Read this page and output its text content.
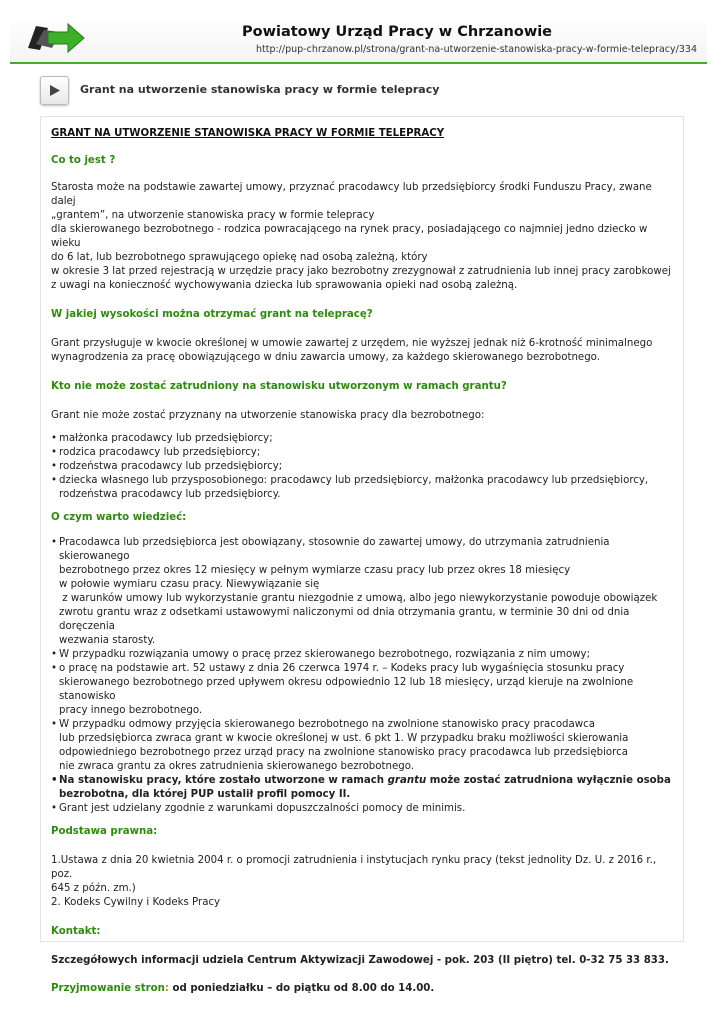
Powiatowy Urząd Pracy w Chrzanowie
http://pup-chrzanow.pl/strona/grant-na-utworzenie-stanowiska-pracy-w-formie-telepracy/334
Grant na utworzenie stanowiska pracy w formie telepracy

GRANT NA UTWORZENIE STANOWISKA PRACY W FORMIE TELEPRACY

Co to jest ?

Starosta może na podstawie zawartej umowy, przyznać pracodawcy lub przedsiębiorcy środki Funduszu Pracy, zwane dalej

„grantem”, na utworzenie stanowiska pracy w formie telepracy

dla skierowanego bezrobotnego - rodzica powracającego na rynek pracy, posiadającego co najmniej jedno dziecko w wieku

do 6 lat, lub bezrobotnego sprawującego opiekę nad osobą zależną, który

w okresie 3 lat przed rejestracją w urzędzie pracy jako bezrobotny zrezygnował z zatrudnienia lub innej pracy zarobkowej

z uwagi na konieczność wychowywania dziecka lub sprawowania opieki nad osobą zależną.

W jakiej wysokości można otrzymać grant na telepracę?

Grant przysługuje w kwocie określonej w umowie zawartej z urzędem, nie wyższej jednak niż 6-krotność minimalnego

wynagrodzenia za pracę obowiązującego w dniu zawarcia umowy, za każdego skierowanego bezrobotnego.

Kto nie może zostać zatrudniony na stanowisku utworzonym w ramach grantu?

Grant nie może zostać przyznany na utworzenie stanowiska pracy dla bezrobotnego:

• małżonka pracodawcy lub przedsiębiorcy;
• rodzica pracodawcy lub przedsiębiorcy;
• rodzeństwa pracodawcy lub przedsiębiorcy;
• dziecka własnego lub przysposobionego: pracodawcy lub przedsiębiorcy, małżonka pracodawcy lub przedsiębiorcy,
rodzeństwa pracodawcy lub przedsiębiorcy.

O czym warto wiedzieć:

• Pracodawca lub przedsiębiorca jest obowiązany, stosownie do zawartej umowy, do utrzymania zatrudnienia skierowanego
bezrobotnego przez okres 12 miesięcy w pełnym wymiarze czasu pracy lub przez okres 18 miesięcy
w połowie wymiaru czasu pracy. Niewywiązanie się
z warunków umowy lub wykorzystanie grantu niezgodnie z umową, albo jego niewykorzystanie powoduje obowiązek
zwrotu grantu wraz z odsetkami ustawowymi naliczonymi od dnia otrzymania grantu, w terminie 30 dni od dnia doręczenia
wezwania starosty.
• W przypadku rozwiązania umowy o pracę przez skierowanego bezrobotnego, rozwiązania z nim umowy;
• o pracę na podstawie art. 52 ustawy z dnia 26 czerwca 1974 r. – Kodeks pracy lub wygaśnięcia stosunku pracy
skierowanego bezrobotnego przed upływem okresu odpowiednio 12 lub 18 miesięcy, urząd kieruje na zwolnione stanowisko
pracy innego bezrobotnego.
• W przypadku odmowy przyjęcia skierowanego bezrobotnego na zwolnione stanowisko pracy pracodawca
lub przedsiębiorca zwraca grant w kwocie określonej w ust. 6 pkt 1. W przypadku braku możliwości skierowania
odpowiedniego bezrobotnego przez urząd pracy na zwolnione stanowisko pracy pracodawca lub przedsiębiorca
nie zwraca grantu za okres zatrudnienia skierowanego bezrobotnego.
• Na stanowisku pracy, które zostało utworzone w ramach grantu może zostać zatrudniona wyłącznie osoba
bezrobotna, dla której PUP ustalił profil pomocy II.
• Grant jest udzielany zgodnie z warunkami dopuszczalności pomocy de minimis.

Podstawa prawna:

1.Ustawa z dnia 20 kwietnia 2004 r. o promocji zatrudnienia i instytucjach rynku pracy (tekst jednolity Dz. U. z 2016 r., poz.

645 z późn. zm.)

2. Kodeks Cywilny i Kodeks Pracy

Kontakt:

Szczegółowych informacji udziela Centrum Aktywizacji Zawodowej - pok. 203 (II piętro) tel. 0-32 75 33 833.

Przyjmowanie stron: od poniedziałku – do piątku od 8.00 do 14.00.
